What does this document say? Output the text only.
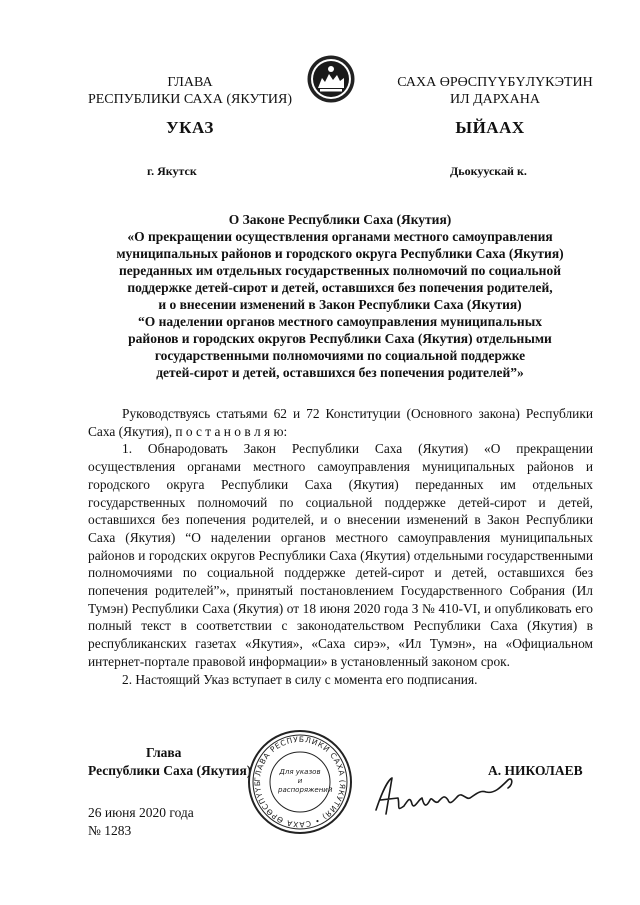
ГЛАВА
РЕСПУБЛИКИ САХА (ЯКУТИЯ)
САХА ӨРӨСПҮҮБҮЛҮКЭТИН
ИЛ ДАРХАНА
УКАЗ	ЫЙААХ
г. Якутск	Дьокуускай к.
О Законе Республики Саха (Якутия)
«О прекращении осуществления органами местного самоуправления
муниципальных районов и городского округа Республики Саха (Якутия)
переданных им отдельных государственных полномочий по социальной
поддержке детей-сирот и детей, оставшихся без попечения родителей,
и о внесении изменений в Закон Республики Саха (Якутия)
“О наделении органов местного самоуправления муниципальных
районов и городских округов Республики Саха (Якутия) отдельными
государственными полномочиями по социальной поддержке
детей-сирот и детей, оставшихся без попечения родителей”»

Руководствуясь статьями 62 и 72 Конституции (Основного закона) Республики Саха (Якутия), п о с т а н о в л я ю:

1. Обнародовать Закон Республики Саха (Якутия) «О прекращении осуществления органами местного самоуправления муниципальных районов и городского округа Республики Саха (Якутия) переданных им отдельных государственных полномочий по социальной поддержке детей-сирот и детей, оставшихся без попечения родителей, и о внесении изменений в Закон Республики Саха (Якутия) “О наделении органов местного самоуправления муниципальных районов и городских округов Республики Саха (Якутия) отдельными государственными полномочиями по социальной поддержке детей-сирот и детей, оставшихся без попечения родителей”», принятый постановлением Государственного Собрания (Ил Тумэн) Республики Саха (Якутия) от 18 июня 2020 года З № 410-VI, и опубликовать его полный текст в соответствии с законодательством Республики Саха (Якутия) в республиканских газетах «Якутия», «Саха сирэ», «Ил Тумэн», на «Официальном интернет-портале правовой информации» в установленный законом срок.

2. Настоящий Указ вступает в силу с момента его подписания.

Глава
Республики Саха (Якутия)
ГЛАВА РЕСПУБЛИКИ САХА (ЯКУТИЯ) • САХА ӨРӨСПҮҮБ
Для указов и распоряжений
А. НИКОЛАЕВ
26 июня 2020 года
№ 1283
